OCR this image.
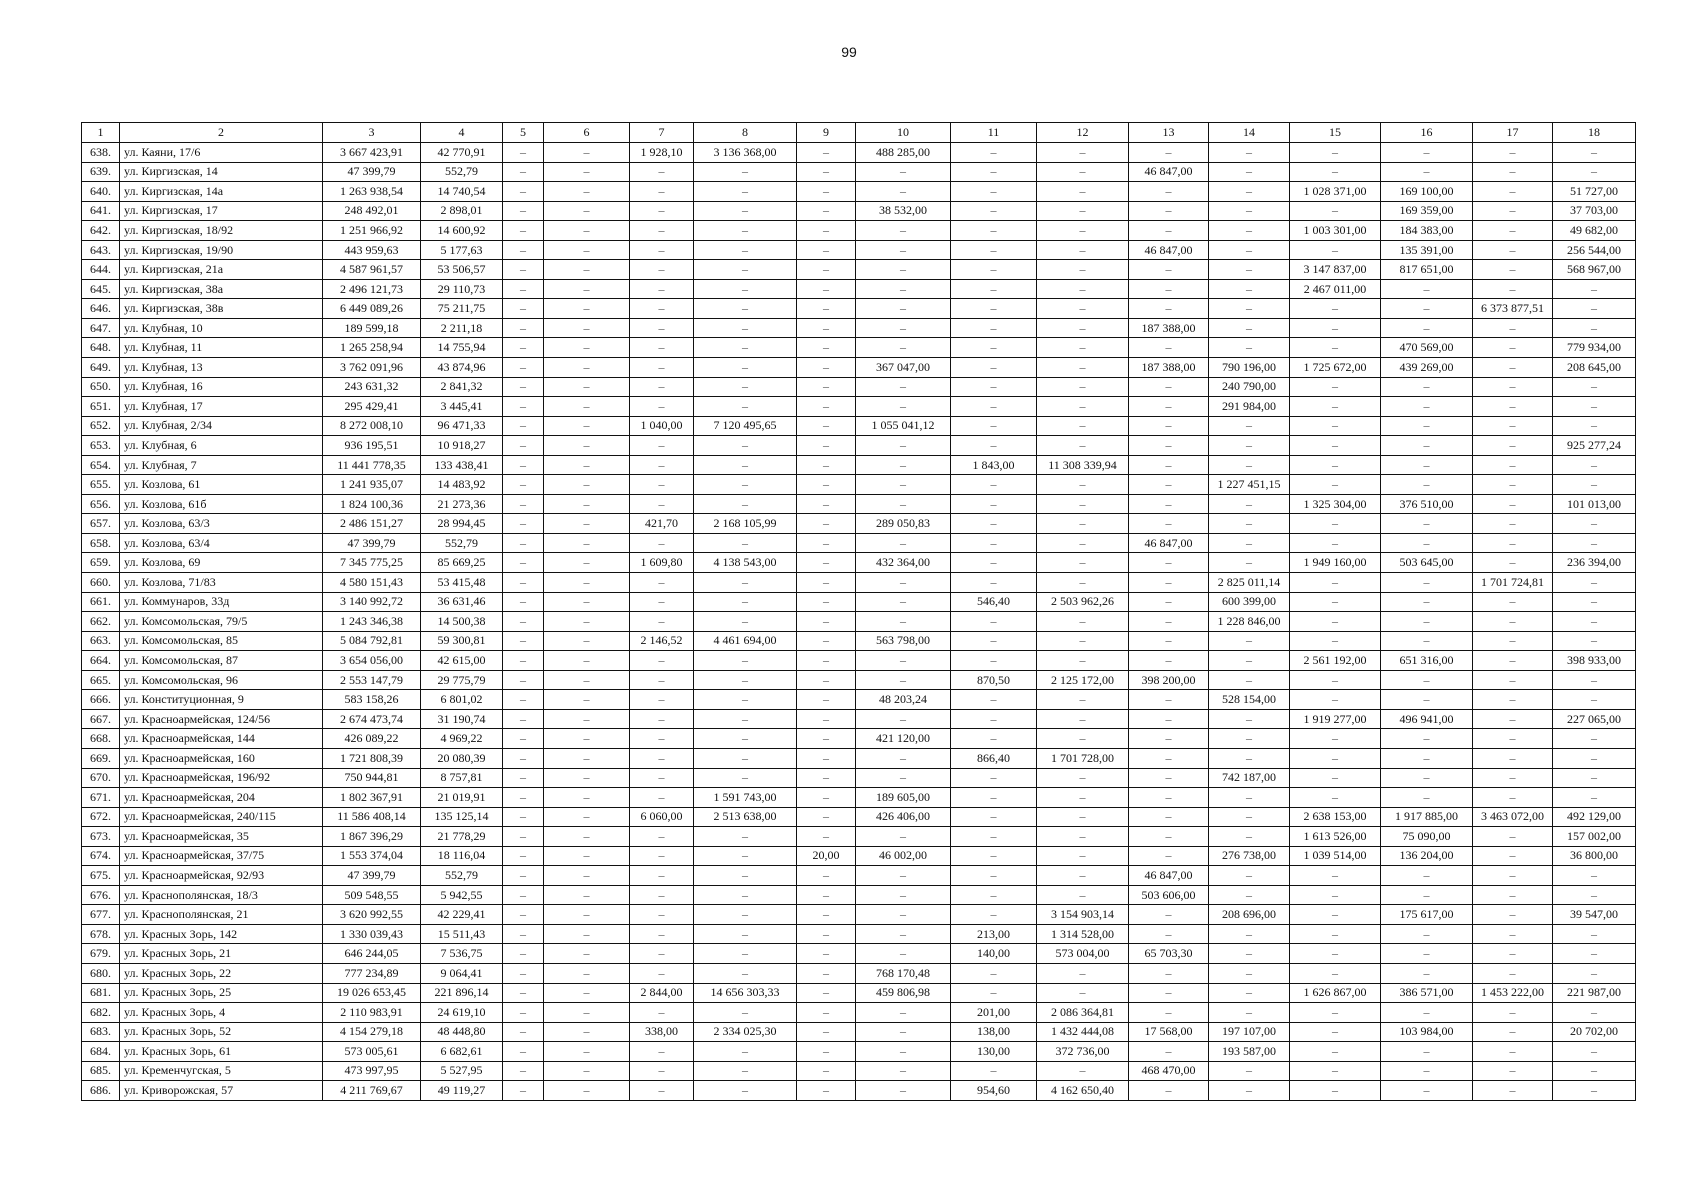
99
1	2	3	4	5	6	7	8	9	10	11	12	13	14	15	16	17	18
638.	ул. Каяни, 17/6	3 667 423,91	42 770,91	–	–	1 928,10	3 136 368,00	–	488 285,00	–	–	–	–	–	–	–	–
639.	ул. Киргизская, 14	47 399,79	552,79	–	–	–	–	–	–	–	–	46 847,00	–	–	–	–	–
640.	ул. Киргизская, 14а	1 263 938,54	14 740,54	–	–	–	–	–	–	–	–	–	–	1 028 371,00	169 100,00	–	51 727,00
641.	ул. Киргизская, 17	248 492,01	2 898,01	–	–	–	–	–	38 532,00	–	–	–	–	–	169 359,00	–	37 703,00
642.	ул. Киргизская, 18/92	1 251 966,92	14 600,92	–	–	–	–	–	–	–	–	–	–	1 003 301,00	184 383,00	–	49 682,00
643.	ул. Киргизская, 19/90	443 959,63	5 177,63	–	–	–	–	–	–	–	–	46 847,00	–	–	135 391,00	–	256 544,00
644.	ул. Киргизская, 21а	4 587 961,57	53 506,57	–	–	–	–	–	–	–	–	–	–	3 147 837,00	817 651,00	–	568 967,00
645.	ул. Киргизская, 38а	2 496 121,73	29 110,73	–	–	–	–	–	–	–	–	–	–	2 467 011,00	–	–	–
646.	ул. Киргизская, 38в	6 449 089,26	75 211,75	–	–	–	–	–	–	–	–	–	–	–	–	6 373 877,51	–
647.	ул. Клубная, 10	189 599,18	2 211,18	–	–	–	–	–	–	–	–	187 388,00	–	–	–	–	–
648.	ул. Клубная, 11	1 265 258,94	14 755,94	–	–	–	–	–	–	–	–	–	–	–	470 569,00	–	779 934,00
649.	ул. Клубная, 13	3 762 091,96	43 874,96	–	–	–	–	–	367 047,00	–	–	187 388,00	790 196,00	1 725 672,00	439 269,00	–	208 645,00
650.	ул. Клубная, 16	243 631,32	2 841,32	–	–	–	–	–	–	–	–	–	240 790,00	–	–	–	–
651.	ул. Клубная, 17	295 429,41	3 445,41	–	–	–	–	–	–	–	–	–	291 984,00	–	–	–	–
652.	ул. Клубная, 2/34	8 272 008,10	96 471,33	–	–	1 040,00	7 120 495,65	–	1 055 041,12	–	–	–	–	–	–	–	–
653.	ул. Клубная, 6	936 195,51	10 918,27	–	–	–	–	–	–	–	–	–	–	–	–	–	925 277,24
654.	ул. Клубная, 7	11 441 778,35	133 438,41	–	–	–	–	–	–	1 843,00	11 308 339,94	–	–	–	–	–	–
655.	ул. Козлова, 61	1 241 935,07	14 483,92	–	–	–	–	–	–	–	–	–	1 227 451,15	–	–	–	–
656.	ул. Козлова, 61б	1 824 100,36	21 273,36	–	–	–	–	–	–	–	–	–	–	1 325 304,00	376 510,00	–	101 013,00
657.	ул. Козлова, 63/3	2 486 151,27	28 994,45	–	–	421,70	2 168 105,99	–	289 050,83	–	–	–	–	–	–	–	–
658.	ул. Козлова, 63/4	47 399,79	552,79	–	–	–	–	–	–	–	–	46 847,00	–	–	–	–	–
659.	ул. Козлова, 69	7 345 775,25	85 669,25	–	–	1 609,80	4 138 543,00	–	432 364,00	–	–	–	–	1 949 160,00	503 645,00	–	236 394,00
660.	ул. Козлова, 71/83	4 580 151,43	53 415,48	–	–	–	–	–	–	–	–	–	2 825 011,14	–	–	1 701 724,81	–
661.	ул. Коммунаров, 33д	3 140 992,72	36 631,46	–	–	–	–	–	–	546,40	2 503 962,26	–	600 399,00	–	–	–	–
662.	ул. Комсомольская, 79/5	1 243 346,38	14 500,38	–	–	–	–	–	–	–	–	–	1 228 846,00	–	–	–	–
663.	ул. Комсомольская, 85	5 084 792,81	59 300,81	–	–	2 146,52	4 461 694,00	–	563 798,00	–	–	–	–	–	–	–	–
664.	ул. Комсомольская, 87	3 654 056,00	42 615,00	–	–	–	–	–	–	–	–	–	–	2 561 192,00	651 316,00	–	398 933,00
665.	ул. Комсомольская, 96	2 553 147,79	29 775,79	–	–	–	–	–	–	870,50	2 125 172,00	398 200,00	–	–	–	–	–
666.	ул. Конституционная, 9	583 158,26	6 801,02	–	–	–	–	–	48 203,24	–	–	–	528 154,00	–	–	–	–
667.	ул. Красноармейская, 124/56	2 674 473,74	31 190,74	–	–	–	–	–	–	–	–	–	–	1 919 277,00	496 941,00	–	227 065,00
668.	ул. Красноармейская, 144	426 089,22	4 969,22	–	–	–	–	–	421 120,00	–	–	–	–	–	–	–	–
669.	ул. Красноармейская, 160	1 721 808,39	20 080,39	–	–	–	–	–	–	866,40	1 701 728,00	–	–	–	–	–	–
670.	ул. Красноармейская, 196/92	750 944,81	8 757,81	–	–	–	–	–	–	–	–	–	742 187,00	–	–	–	–
671.	ул. Красноармейская, 204	1 802 367,91	21 019,91	–	–	–	1 591 743,00	–	189 605,00	–	–	–	–	–	–	–	–
672.	ул. Красноармейская, 240/115	11 586 408,14	135 125,14	–	–	6 060,00	2 513 638,00	–	426 406,00	–	–	–	–	2 638 153,00	1 917 885,00	3 463 072,00	492 129,00
673.	ул. Красноармейская, 35	1 867 396,29	21 778,29	–	–	–	–	–	–	–	–	–	–	1 613 526,00	75 090,00	–	157 002,00
674.	ул. Красноармейская, 37/75	1 553 374,04	18 116,04	–	–	–	–	20,00	46 002,00	–	–	–	276 738,00	1 039 514,00	136 204,00	–	36 800,00
675.	ул. Красноармейская, 92/93	47 399,79	552,79	–	–	–	–	–	–	–	–	46 847,00	–	–	–	–	–
676.	ул. Краснополянская, 18/3	509 548,55	5 942,55	–	–	–	–	–	–	–	–	503 606,00	–	–	–	–	–
677.	ул. Краснополянская, 21	3 620 992,55	42 229,41	–	–	–	–	–	–	–	3 154 903,14	–	208 696,00	–	175 617,00	–	39 547,00
678.	ул. Красных Зорь, 142	1 330 039,43	15 511,43	–	–	–	–	–	–	213,00	1 314 528,00	–	–	–	–	–	–
679.	ул. Красных Зорь, 21	646 244,05	7 536,75	–	–	–	–	–	–	140,00	573 004,00	65 703,30	–	–	–	–	–
680.	ул. Красных Зорь, 22	777 234,89	9 064,41	–	–	–	–	–	768 170,48	–	–	–	–	–	–	–	–
681.	ул. Красных Зорь, 25	19 026 653,45	221 896,14	–	–	2 844,00	14 656 303,33	–	459 806,98	–	–	–	–	1 626 867,00	386 571,00	1 453 222,00	221 987,00
682.	ул. Красных Зорь, 4	2 110 983,91	24 619,10	–	–	–	–	–	–	201,00	2 086 364,81	–	–	–	–	–	–
683.	ул. Красных Зорь, 52	4 154 279,18	48 448,80	–	–	338,00	2 334 025,30	–	–	138,00	1 432 444,08	17 568,00	197 107,00	–	103 984,00	–	20 702,00
684.	ул. Красных Зорь, 61	573 005,61	6 682,61	–	–	–	–	–	–	130,00	372 736,00	–	193 587,00	–	–	–	–
685.	ул. Кременчугская, 5	473 997,95	5 527,95	–	–	–	–	–	–	–	–	468 470,00	–	–	–	–	–
686.	ул. Криворожская, 57	4 211 769,67	49 119,27	–	–	–	–	–	–	954,60	4 162 650,40	–	–	–	–	–	–
